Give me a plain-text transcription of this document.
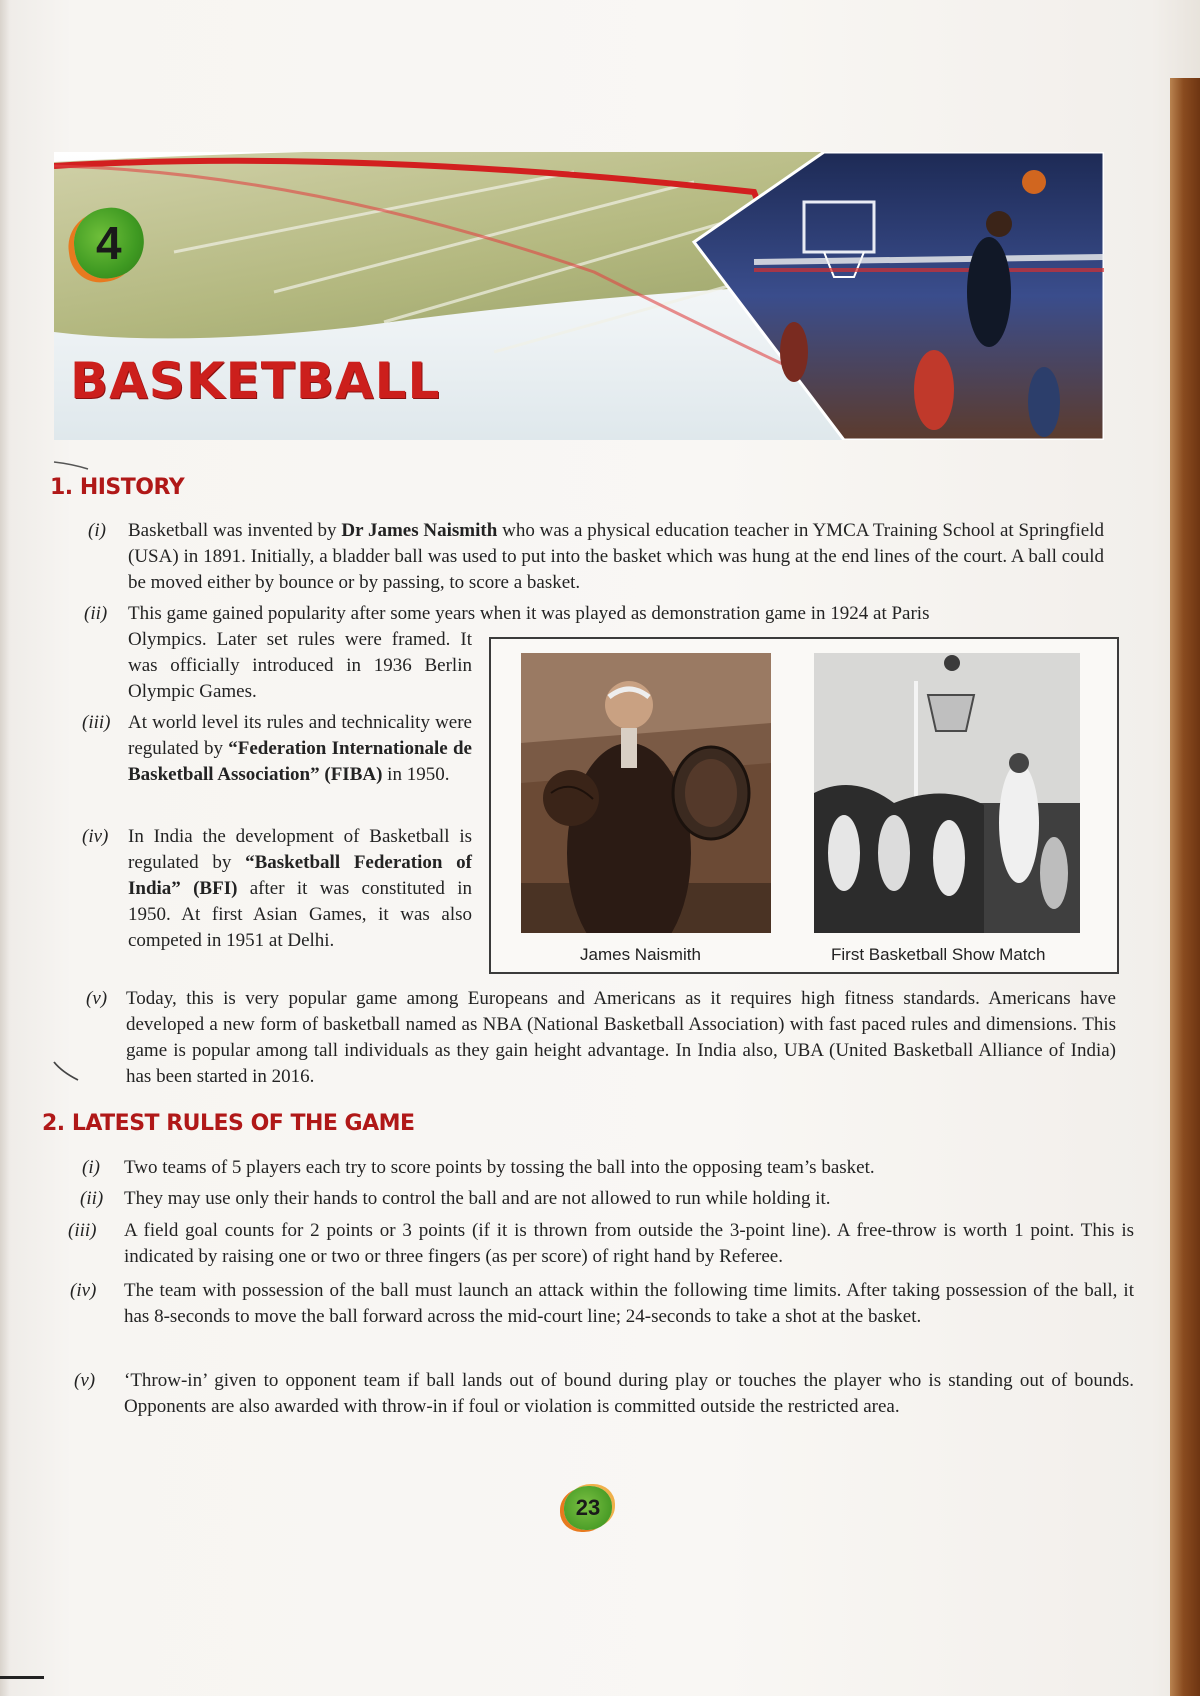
4
BASKETBALL
1. HISTORY
(i) Basketball was invented by Dr James Naismith who was a physical education teacher in YMCA Training School at Springfield (USA) in 1891. Initially, a bladder ball was used to put into the basket which was hung at the end lines of the court. A ball could be moved either by bounce or by passing, to score a basket.
(ii) This game gained popularity after some years when it was played as demonstration game in 1924 at Paris
Olympics. Later set rules were framed. It was officially introduced in 1936 Berlin Olympic Games.
(iii) At world level its rules and technicality were regulated by “Federation Internationale de Basketball Association” (FIBA) in 1950.
(iv) In India the development of Basketball is regulated by “Basketball Federation of India” (BFI) after it was constituted in 1950. At first Asian Games, it was also competed in 1951 at Delhi.
James Naismith	First Basketball Show Match
(v) Today, this is very popular game among Europeans and Americans as it requires high fitness standards. Americans have developed a new form of basketball named as NBA (National Basketball Association) with fast paced rules and dimensions. This game is popular among tall individuals as they gain height advantage. In India also, UBA (United Basketball Alliance of India) has been started in 2016.
2. LATEST RULES OF THE GAME
(i) Two teams of 5 players each try to score points by tossing the ball into the opposing team’s basket.
(ii) They may use only their hands to control the ball and are not allowed to run while holding it.
(iii) A field goal counts for 2 points or 3 points (if it is thrown from outside the 3-point line). A free-throw is worth 1 point. This is indicated by raising one or two or three fingers (as per score) of right hand by Referee.
(iv) The team with possession of the ball must launch an attack within the following time limits. After taking possession of the ball, it has 8-seconds to move the ball forward across the mid-court line; 24-seconds to take a shot at the basket.
(v) ‘Throw-in’ given to opponent team if ball lands out of bound during play or touches the player who is standing out of bounds. Opponents are also awarded with throw-in if foul or violation is committed outside the restricted area.
23
